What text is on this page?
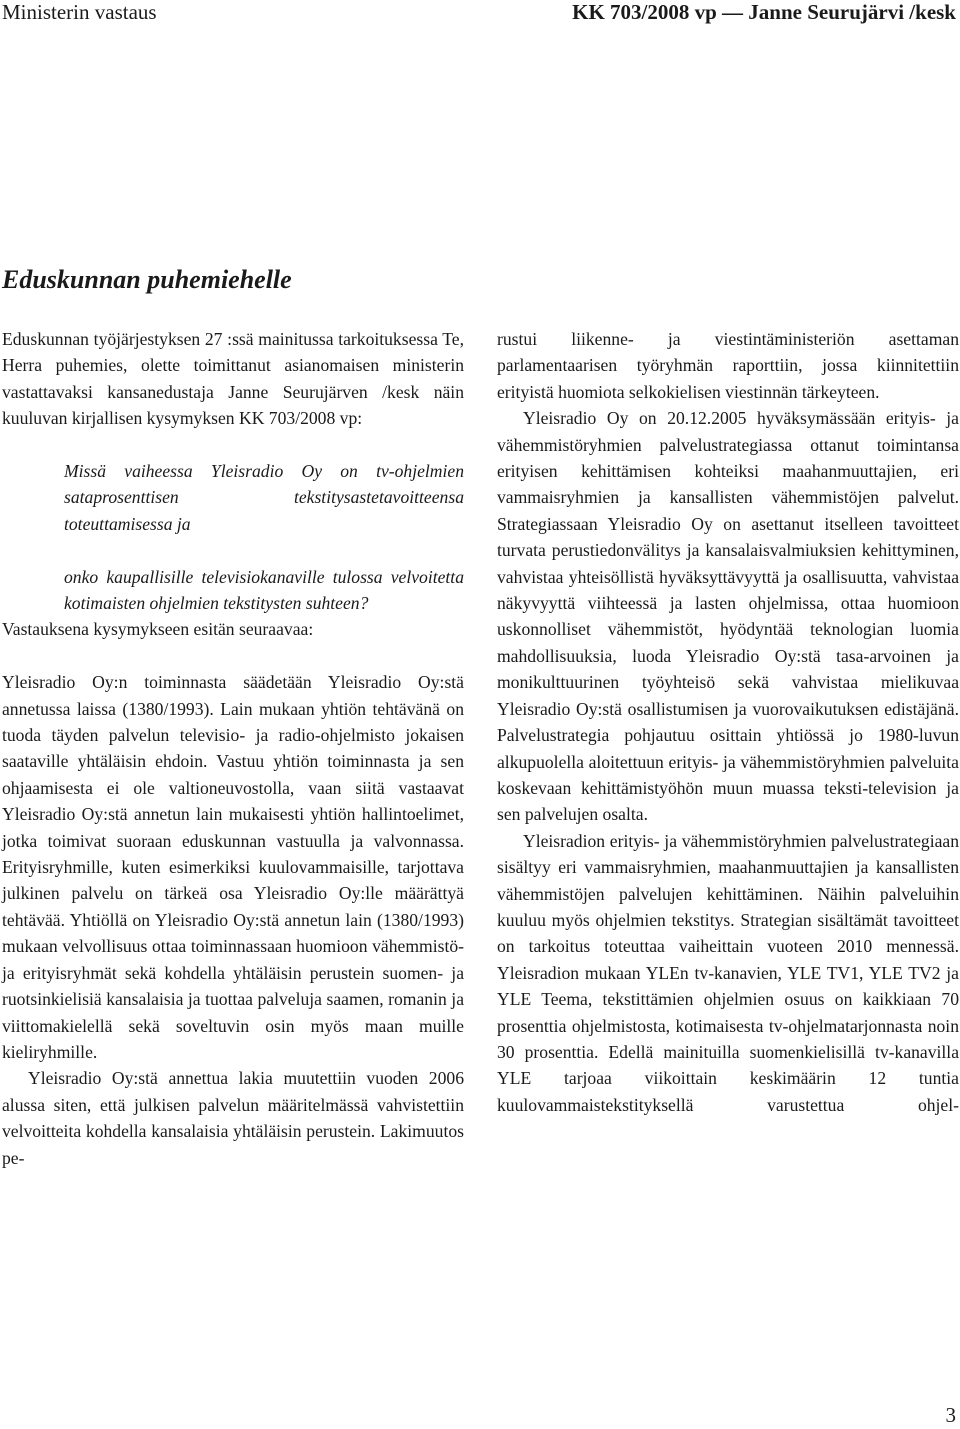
Ministerin vastaus	KK 703/2008 vp — Janne Seurujärvi /kesk
Eduskunnan puhemiehelle

Eduskunnan työjärjestyksen 27 :ssä mainitussa tarkoituksessa Te, Herra puhemies, olette toimittanut asianomaisen ministerin vastattavaksi kansanedustaja Janne Seurujärven /kesk näin kuuluvan kirjallisen kysymyksen KK 703/2008 vp:

Missä vaiheessa Yleisradio Oy on tv-ohjelmien sataprosenttisen tekstitysastetavoitteensa toteuttamisessa ja

onko kaupallisille televisiokanaville tulossa velvoitetta kotimaisten ohjelmien tekstitysten suhteen?

Vastauksena kysymykseen esitän seuraavaa:

Yleisradio Oy:n toiminnasta säädetään Yleisradio Oy:stä annetussa laissa (1380/1993). Lain mukaan yhtiön tehtävänä on tuoda täyden palvelun televisio- ja radio-ohjelmisto jokaisen saataville yhtäläisin ehdoin. Vastuu yhtiön toiminnasta ja sen ohjaamisesta ei ole valtioneuvostolla, vaan siitä vastaavat Yleisradio Oy:stä annetun lain mukaisesti yhtiön hallintoelimet, jotka toimivat suoraan eduskunnan vastuulla ja valvonnassa. Erityisryhmille, kuten esimerkiksi kuulovammaisille, tarjottava julkinen palvelu on tärkeä osa Yleisradio Oy:lle määrättyä tehtävää. Yhtiöllä on Yleisradio Oy:stä annetun lain (1380/1993) mukaan velvollisuus ottaa toiminnassaan huomioon vähemmistö- ja erityisryhmät sekä kohdella yhtäläisin perustein suomen- ja ruotsinkielisiä kansalaisia ja tuottaa palveluja saamen, romanin ja viittomakielellä sekä soveltuvin osin myös maan muille kieliryhmille.

Yleisradio Oy:stä annettua lakia muutettiin vuoden 2006 alussa siten, että julkisen palvelun määritelmässä vahvistettiin velvoitteita kohdella kansalaisia yhtäläisin perustein. Lakimuutos pe-

rustui liikenne- ja viestintäministeriön asettaman parlamentaarisen työryhmän raporttiin, jossa kiinnitettiin erityistä huomiota selkokielisen viestinnän tärkeyteen.

Yleisradio Oy on 20.12.2005 hyväksymässään erityis- ja vähemmistöryhmien palvelustrategiassa ottanut toimintansa erityisen kehittämisen kohteiksi maahanmuuttajien, eri vammaisryhmien ja kansallisten vähemmistöjen palvelut. Strategiassaan Yleisradio Oy on asettanut itselleen tavoitteet turvata perustiedonvälitys ja kansalaisvalmiuksien kehittyminen, vahvistaa yhteisöllistä hyväksyttävyyttä ja osallisuutta, vahvistaa näkyvyyttä viihteessä ja lasten ohjelmissa, ottaa huomioon uskonnolliset vähemmistöt, hyödyntää teknologian luomia mahdollisuuksia, luoda Yleisradio Oy:stä tasa-arvoinen ja monikulttuurinen työyhteisö sekä vahvistaa mielikuvaa Yleisradio Oy:stä osallistumisen ja vuorovaikutuksen edistäjänä. Palvelustrategia pohjautuu osittain yhtiössä jo 1980-luvun alkupuolella aloitettuun erityis- ja vähemmistöryhmien palveluita koskevaan kehittämistyöhön muun muassa teksti-television ja sen palvelujen osalta.

Yleisradion erityis- ja vähemmistöryhmien palvelustrategiaan sisältyy eri vammaisryhmien, maahanmuuttajien ja kansallisten vähemmistöjen palvelujen kehittäminen. Näihin palveluihin kuuluu myös ohjelmien tekstitys. Strategian sisältämät tavoitteet on tarkoitus toteuttaa vaiheittain vuoteen 2010 mennessä. Yleisradion mukaan YLEn tv-kanavien, YLE TV1, YLE TV2 ja YLE Teema, tekstittämien ohjelmien osuus on kaikkiaan 70 prosenttia ohjelmistosta, kotimaisesta tv-ohjelmatarjonnasta noin 30 prosenttia. Edellä mainituilla suomenkielisillä tv-kanavilla YLE tarjoaa viikoittain keskimäärin 12 tuntia kuulovammaistekstityksellä varustettua ohjel-

3
